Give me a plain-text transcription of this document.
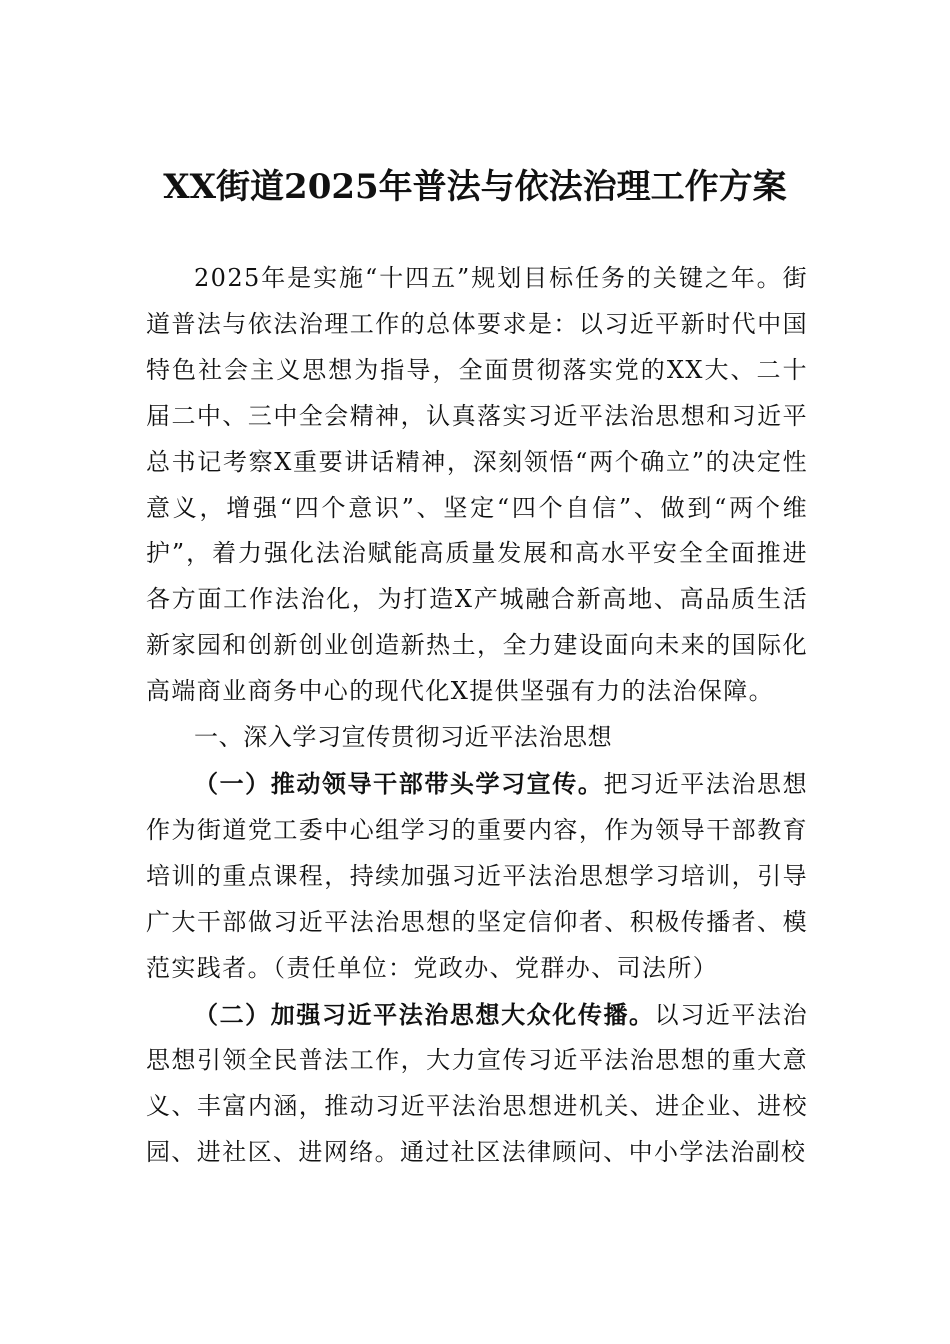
XX街道2025年普法与依法治理工作方案

2025年是实施“十四五”规划目标任务的关键之年。街道普法与依法治理工作的总体要求是：以习近平新时代中国特色社会主义思想为指导，全面贯彻落实党的XX大、二十届二中、三中全会精神，认真落实习近平法治思想和习近平总书记考察X重要讲话精神，深刻领悟“两个确立”的决定性意义，增强“四个意识”、坚定“四个自信”、做到“两个维护”，着力强化法治赋能高质量发展和高水平安全全面推进各方面工作法治化，为打造X产城融合新高地、高品质生活新家园和创新创业创造新热土，全力建设面向未来的国际化高端商业商务中心的现代化X提供坚强有力的法治保障。

一、深入学习宣传贯彻习近平法治思想

（一）推动领导干部带头学习宣传。把习近平法治思想作为街道党工委中心组学习的重要内容，作为领导干部教育培训的重点课程，持续加强习近平法治思想学习培训，引导广大干部做习近平法治思想的坚定信仰者、积极传播者、模范实践者。（责任单位：党政办、党群办、司法所）

（二）加强习近平法治思想大众化传播。以习近平法治思想引领全民普法工作，大力宣传习近平法治思想的重大意义、丰富内涵，推动习近平法治思想进机关、进企业、进校园、进社区、进网络。通过社区法律顾问、中小学法治副校
